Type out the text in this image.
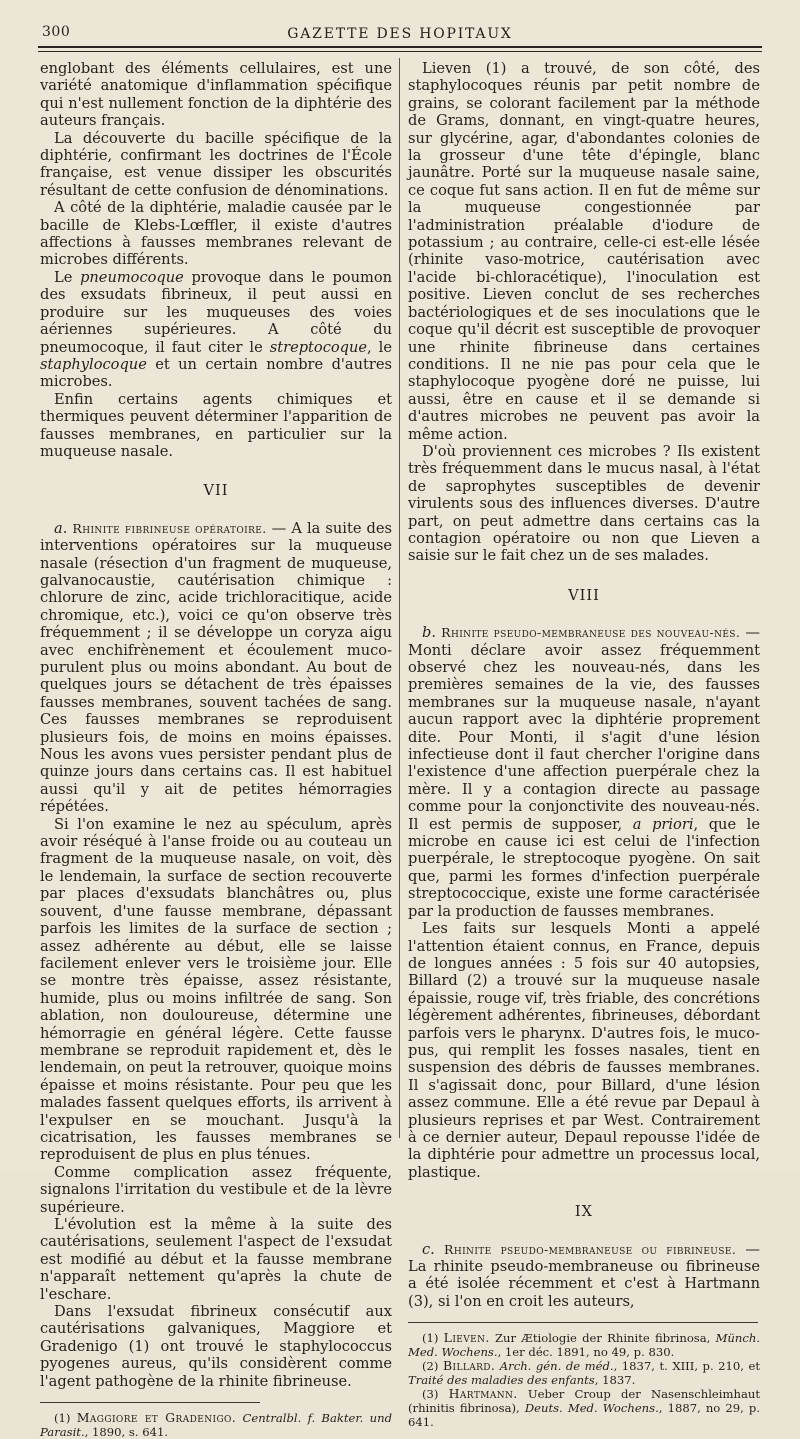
300	GAZETTE DES HOPITAUX

englobant des éléments cellulaires, est une variété anatomique d'inflammation spécifique qui n'est nullement fonction de la diphtérie des auteurs français.

La découverte du bacille spécifique de la diphtérie, confirmant les doctrines de l'École française, est venue dissiper les obscurités résultant de cette confusion de dénominations.

A côté de la diphtérie, maladie causée par le bacille de Klebs-Lœffler, il existe d'autres affections à fausses membranes relevant de microbes différents.

Le pneumocoque provoque dans le poumon des exsudats fibrineux, il peut aussi en produire sur les muqueuses des voies aériennes supérieures. A côté du pneumocoque, il faut citer le streptocoque, le staphylocoque et un certain nombre d'autres microbes.

Enfin certains agents chimiques et thermiques peuvent déterminer l'apparition de fausses membranes, en particulier sur la muqueuse nasale.

VII

a. Rhinite fibrineuse opératoire. — A la suite des interventions opératoires sur la muqueuse nasale (résection d'un fragment de muqueuse, galvanocaustie, cautérisation chimique : chlorure de zinc, acide trichloracitique, acide chromique, etc.), voici ce qu'on observe très fréquemment ; il se développe un coryza aigu avec enchifrènement et écoulement muco-purulent plus ou moins abondant. Au bout de quelques jours se détachent de très épaisses fausses membranes, souvent tachées de sang. Ces fausses membranes se reproduisent plusieurs fois, de moins en moins épaisses. Nous les avons vues persister pendant plus de quinze jours dans certains cas. Il est habituel aussi qu'il y ait de petites hémorragies répétées.

Si l'on examine le nez au spéculum, après avoir réséqué à l'anse froide ou au couteau un fragment de la muqueuse nasale, on voit, dès le lendemain, la surface de section recouverte par places d'exsudats blanchâtres ou, plus souvent, d'une fausse membrane, dépassant parfois les limites de la surface de section ; assez adhérente au début, elle se laisse facilement enlever vers le troisième jour. Elle se montre très épaisse, assez résistante, humide, plus ou moins infiltrée de sang. Son ablation, non douloureuse, détermine une hémorragie en général légère. Cette fausse membrane se reproduit rapidement et, dès le lendemain, on peut la retrouver, quoique moins épaisse et moins résistante. Pour peu que les malades fassent quelques efforts, ils arrivent à l'expulser en se mouchant. Jusqu'à la cicatrisation, les fausses membranes se reproduisent de plus en plus ténues.

Comme complication assez fréquente, signalons l'irritation du vestibule et de la lèvre supérieure.

L'évolution est la même à la suite des cautérisations, seulement l'aspect de l'exsudat est modifié au début et la fausse membrane n'apparaît nettement qu'après la chute de l'eschare.

Dans l'exsudat fibrineux consécutif aux cautérisations galvaniques, Maggiore et Gradenigo (1) ont trouvé le staphylococcus pyogenes aureus, qu'ils considèrent comme l'agent pathogène de la rhinite fibrineuse.

(1) Maggiore et Gradenigo. Centralbl. f. Bakter. und Parasit., 1890, s. 641.

Lieven (1) a trouvé, de son côté, des staphylocoques réunis par petit nombre de grains, se colorant facilement par la méthode de Grams, donnant, en vingt-quatre heures, sur glycérine, agar, d'abondantes colonies de la grosseur d'une tête d'épingle, blanc jaunâtre. Porté sur la muqueuse nasale saine, ce coque fut sans action. Il en fut de même sur la muqueuse congestionnée par l'administration préalable d'iodure de potassium ; au contraire, celle-ci est-elle lésée (rhinite vaso-motrice, cautérisation avec l'acide bi-chloracétique), l'inoculation est positive. Lieven conclut de ses recherches bactériologiques et de ses inoculations que le coque qu'il décrit est susceptible de provoquer une rhinite fibrineuse dans certaines conditions. Il ne nie pas pour cela que le staphylocoque pyogène doré ne puisse, lui aussi, être en cause et il se demande si d'autres microbes ne peuvent pas avoir la même action.

D'où proviennent ces microbes ? Ils existent très fréquemment dans le mucus nasal, à l'état de saprophytes susceptibles de devenir virulents sous des influences diverses. D'autre part, on peut admettre dans certains cas la contagion opératoire ou non que Lieven a saisie sur le fait chez un de ses malades.

VIII

b. Rhinite pseudo-membraneuse des nouveau-nés. — Monti déclare avoir assez fréquemment observé chez les nouveau-nés, dans les premières semaines de la vie, des fausses membranes sur la muqueuse nasale, n'ayant aucun rapport avec la diphtérie proprement dite. Pour Monti, il s'agit d'une lésion infectieuse dont il faut chercher l'origine dans l'existence d'une affection puerpérale chez la mère. Il y a contagion directe au passage comme pour la conjonctivite des nouveau-nés. Il est permis de supposer, a priori, que le microbe en cause ici est celui de l'infection puerpérale, le streptocoque pyogène. On sait que, parmi les formes d'infection puerpérale streptococcique, existe une forme caractérisée par la production de fausses membranes.

Les faits sur lesquels Monti a appelé l'attention étaient connus, en France, depuis de longues années : 5 fois sur 40 autopsies, Billard (2) a trouvé sur la muqueuse nasale épaissie, rouge vif, très friable, des concrétions légèrement adhérentes, fibrineuses, débordant parfois vers le pharynx. D'autres fois, le muco-pus, qui remplit les fosses nasales, tient en suspension des débris de fausses membranes. Il s'agissait donc, pour Billard, d'une lésion assez commune. Elle a été revue par Depaul à plusieurs reprises et par West. Contrairement à ce dernier auteur, Depaul repousse l'idée de la diphtérie pour admettre un processus local, plastique.

IX

c. Rhinite pseudo-membraneuse ou fibrineuse. — La rhinite pseudo-membraneuse ou fibrineuse a été isolée récemment et c'est à Hartmann (3), si l'on en croit les auteurs,

(1) Lieven. Zur Ætiologie der Rhinite fibrinosa, Münch. Med. Wochens., 1er déc. 1891, no 49, p. 830.

(2) Billard. Arch. gén. de méd., 1837, t. XIII, p. 210, et Traité des maladies des enfants, 1837.

(3) Hartmann. Ueber Croup der Nasenschleimhaut (rhinitis fibrinosa), Deuts. Med. Wochens., 1887, no 29, p. 641.
